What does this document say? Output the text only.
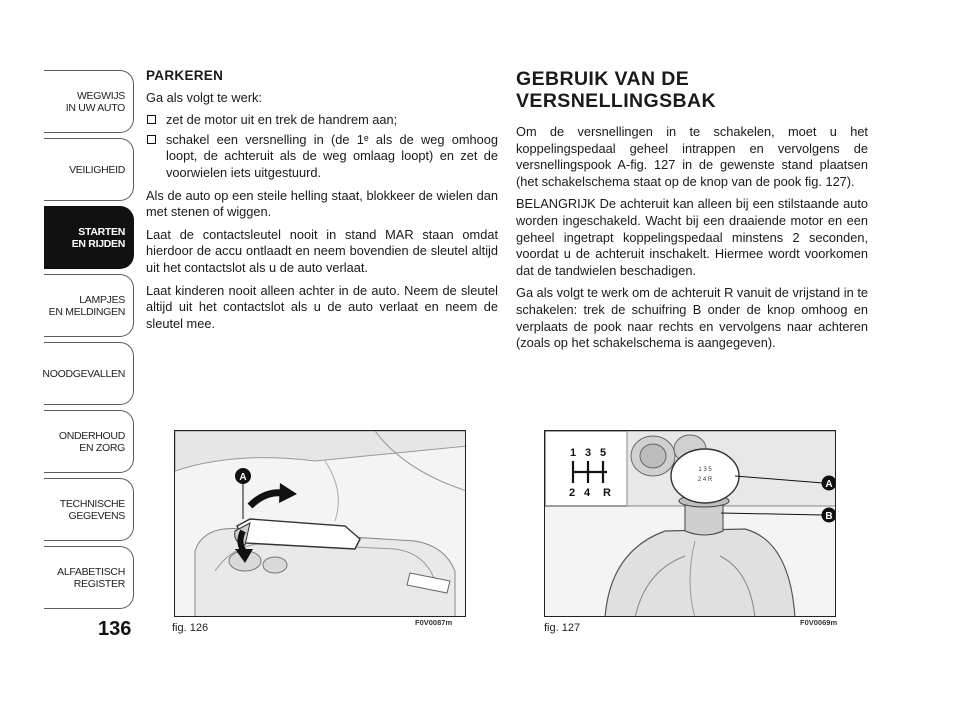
WEGWIJS
IN UW AUTO
VEILIGHEID
STARTEN
EN RIJDEN
LAMPJES
EN MELDINGEN
NOODGEVALLEN
ONDERHOUD
EN ZORG
TECHNISCHE
GEGEVENS
ALFABETISCH
REGISTER
136
PARKEREN

Ga als volgt te werk:

zet de motor uit en trek de handrem aan;
schakel een versnelling in (de 1ᵉ als de weg omhoog loopt, de achteruit als de weg omlaag loopt) en zet de voorwielen iets uitgestuurd.

Als de auto op een steile helling staat, blokkeer de wielen dan met stenen of wiggen.

Laat de contactsleutel nooit in stand MAR staan omdat hierdoor de accu ontlaadt en neem bovendien de sleutel altijd uit het contactslot als u de auto verlaat.

Laat kinderen nooit alleen achter in de auto. Neem de sleutel altijd uit het contactslot als u de auto verlaat en neem de sleutel mee.

GEBRUIK VAN DE
VERSNELLINGSBAK

Om de versnellingen in te schakelen, moet u het koppelingspedaal geheel intrappen en vervolgens de versnellingspook A-fig. 127 in de gewenste stand plaatsen (het schakelschema staat op de knop van de pook fig. 127).

BELANGRIJK De achteruit kan alleen bij een stilstaande auto worden ingeschakeld. Wacht bij een draaiende motor en een geheel ingetrapt koppelingspedaal minstens 2 seconden, voordat u de achteruit inschakelt. Hiermee wordt voorkomen dat de tandwielen beschadigen.

Ga als volgt te werk om de achteruit R vanuit de vrijstand in te schakelen: trek de schuifring B onder de knop omhoog en verplaats de pook naar rechts en vervolgens naar achteren (zoals op het schakelschema is aangegeven).

A
fig. 126	F0V0087m
1 3 5
2 4 R
1 3 5
2 4 R	A
B
fig. 127	F0V0069m
